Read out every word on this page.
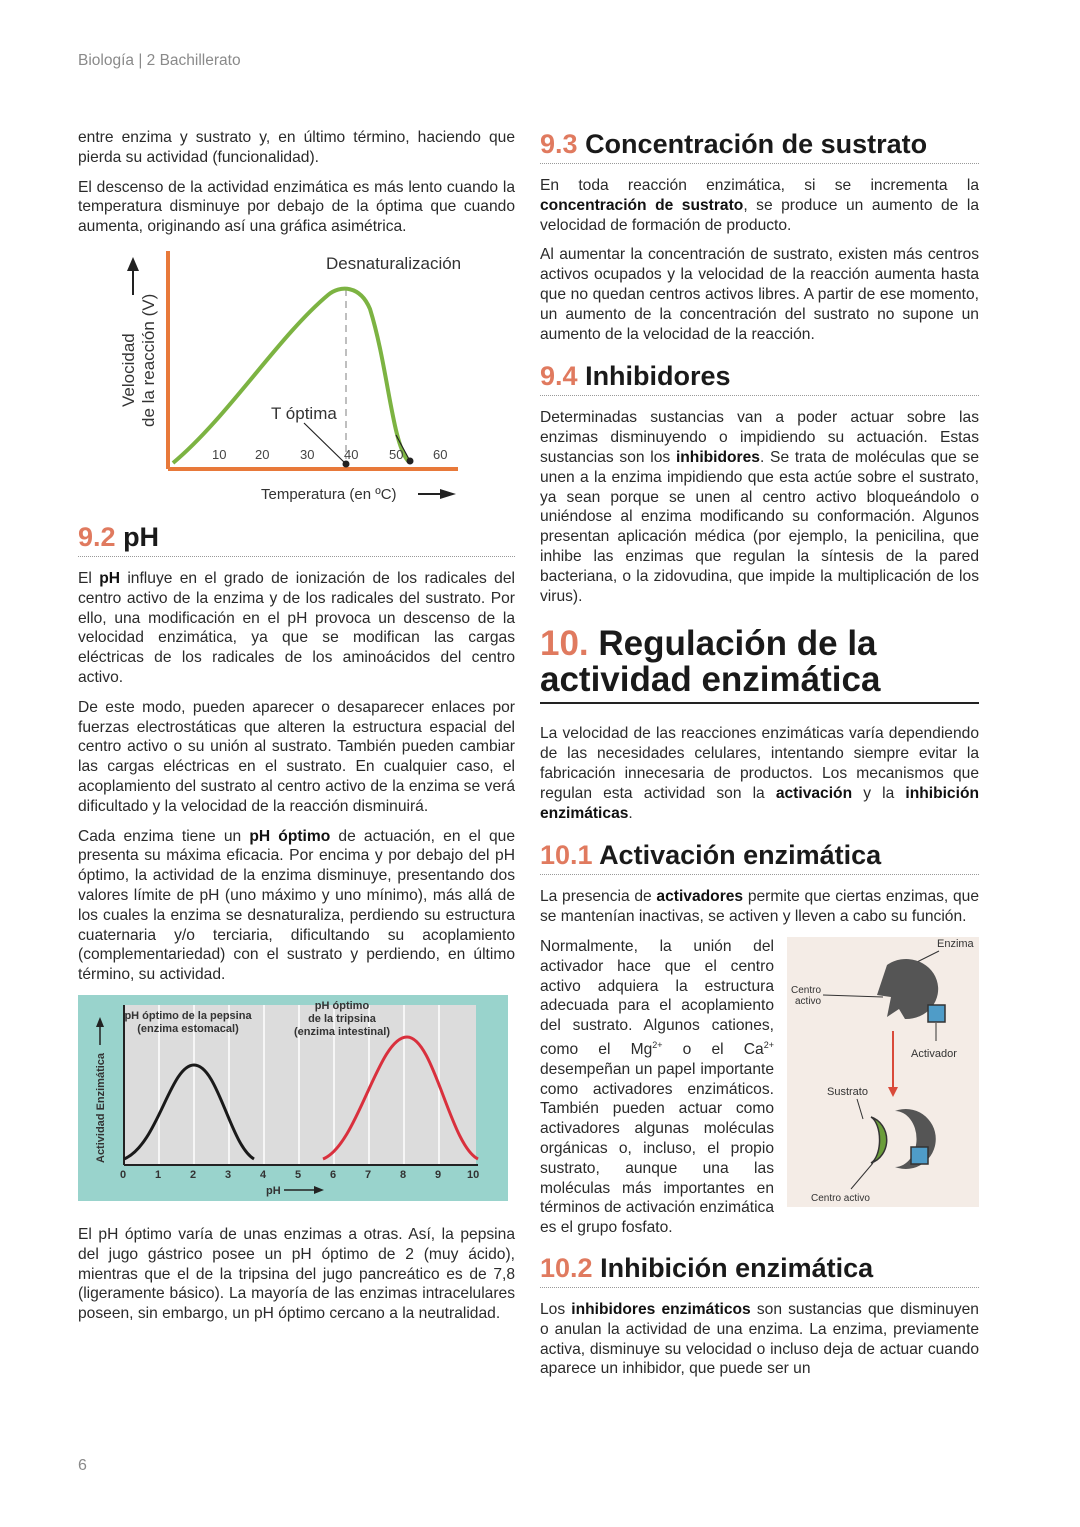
Biología | 2 Bachillerato

entre enzima y sustrato y, en último término, haciendo que pierda su actividad (funcionalidad).

El descenso de la actividad enzimática es más lento cuando la temperatura disminuye por debajo de la óptima que cuando aumenta, originando así una gráfica asimétrica.

Desnaturalización
T óptima
Velocidad de la reacción (V)
10 20 30 40 50 60
Temperatura (en ºC)
9.2 pH

El pH influye en el grado de ionización de los radicales del centro activo de la enzima y de los radicales del sustrato. Por ello, una modificación en el pH provoca un descenso de la velocidad enzimática, ya que se modifican las cargas eléctricas de los radicales de los aminoácidos del centro activo.

De este modo, pueden aparecer o desaparecer enlaces por fuerzas electrostáticas que alteren la estructura espacial del centro activo o su unión al sustrato. También pueden cambiar las cargas eléctricas en el sustrato. En cualquier caso, el acoplamiento del sustrato al centro activo de la enzima se verá dificultado y la velocidad de la reacción disminuirá.

Cada enzima tiene un pH óptimo de actuación, en el que presenta su máxima eficacia. Por encima y por debajo del pH óptimo, la actividad de la enzima disminuye, presentando dos valores límite de pH (uno máximo y uno mínimo), más allá de los cuales la enzima se desnaturaliza, perdiendo su estructura cuaternaria y/o terciaria, dificultando su acoplamiento (complementariedad) con el sustrato y perdiendo, en último término, su actividad.

0	1	2	3	4	5	6	7	8	9 10
pH
Actividad Enzimática
pH óptimo de la pepsina
(enzima estomacal)
pH óptimo
de la tripsina
(enzima intestinal)

El pH óptimo varía de unas enzimas a otras. Así, la pepsina del jugo gástrico posee un pH óptimo de 2 (muy ácido), mientras que el de la tripsina del jugo pancreático es de 7,8 (ligeramente básico). La mayoría de las enzimas intracelulares poseen, sin embargo, un pH óptimo cercano a la neutralidad.

9.3 Concentración de sustrato

En toda reacción enzimática, si se incrementa la concentración de sustrato, se produce un aumento de la velocidad de formación de producto.

Al aumentar la concentración de sustrato, existen más centros activos ocupados y la velocidad de la reacción aumenta hasta que no quedan centros activos libres. A partir de ese momento, un aumento de la concentración del sustrato no supone un aumento de la velocidad de la reacción.

9.4 Inhibidores

Determinadas sustancias van a poder actuar sobre las enzimas disminuyendo o impidiendo su actuación. Estas sustancias son los inhibidores. Se trata de moléculas que se unen a la enzima impidiendo que esta actúe sobre el sustrato, ya sean porque se unen al centro activo bloqueándolo o uniéndose al enzima modificando su conformación. Algunos presentan aplicación médica (por ejemplo, la penicilina, que inhibe las enzimas que regulan la síntesis de la pared bacteriana, o la zidovudina, que impide la multiplicación de los virus).

10. Regulación de la actividad enzimática

La velocidad de las reacciones enzimáticas varía dependiendo de las necesidades celulares, intentando siempre evitar la fabricación innecesaria de productos. Los mecanismos que regulan esta actividad son la activación y la inhibición enzimáticas.

10.1 Activación enzimática

La presencia de activadores permite que ciertas enzimas, que se mantenían inactivas, se activen y lleven a cabo su función.

Normalmente, la unión del activador hace que el centro activo adquiera la estructura adecuada para el acoplamiento del sustrato. Algunos cationes, como el $Mg^{2+}$ o el $Ca^{2+}$ desempeñan un papel importante como activadores enzimáticos. También pueden actuar como activadores algunas moléculas orgánicas o, incluso, el propio sustrato, aunque una las moléculas más importantes en términos de activación enzimática es el grupo fosfato.

Enzima
Centro
activo
Activador
Sustrato
Centro activo
10.2 Inhibición enzimática

Los inhibidores enzimáticos son sustancias que disminuyen o anulan la actividad de una enzima. La enzima, previamente activa, disminuye su velocidad o incluso deja de actuar cuando aparece un inhibidor, que puede ser un

6
